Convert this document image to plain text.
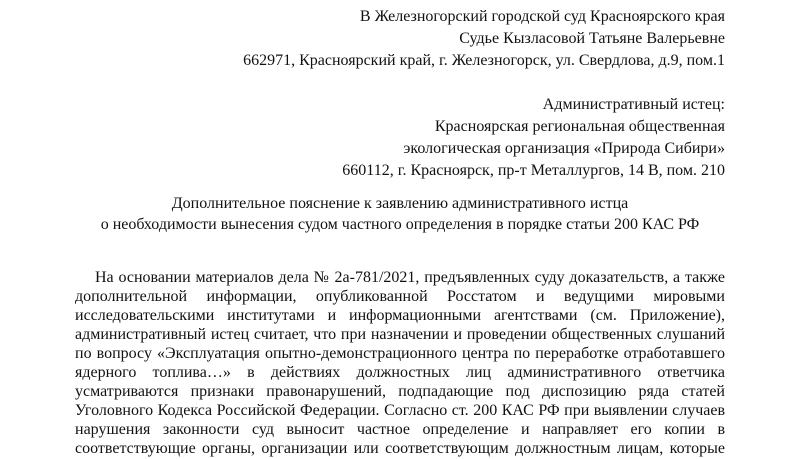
В Железногорский городской суд Красноярского края

Судье Кызласовой Татьяне Валерьевне

662971, Красноярский край, г. Железногорск, ул. Свердлова, д.9, пом.1

Административный истец:

Красноярская региональная общественная

экологическая организация «Природа Сибири»

660112, г. Красноярск, пр-т Металлургов, 14 В, пом. 210

Дополнительное пояснение к заявлению административного истца

о необходимости вынесения судом частного определения в порядке статьи 200 КАС РФ

На основании материалов дела № 2а-781/2021, предъявленных суду доказательств, а также

дополнительной информации, опубликованной Росстатом и ведущими мировыми

исследовательскими институтами и информационными агентствами (см. Приложение),

административный истец считает, что при назначении и проведении общественных слушаний

по вопросу «Эксплуатация опытно-демонстрационного центра по переработке отработавшего

ядерного топлива…» в действиях должностных лиц административного ответчика

усматриваются признаки правонарушений, подпадающие под диспозицию ряда статей

Уголовного Кодекса Российской Федерации. Согласно ст. 200 КАС РФ при выявлении случаев

нарушения законности суд выносит частное определение и направляет его копии в

соответствующие органы, организации или соответствующим должностным лицам, которые
